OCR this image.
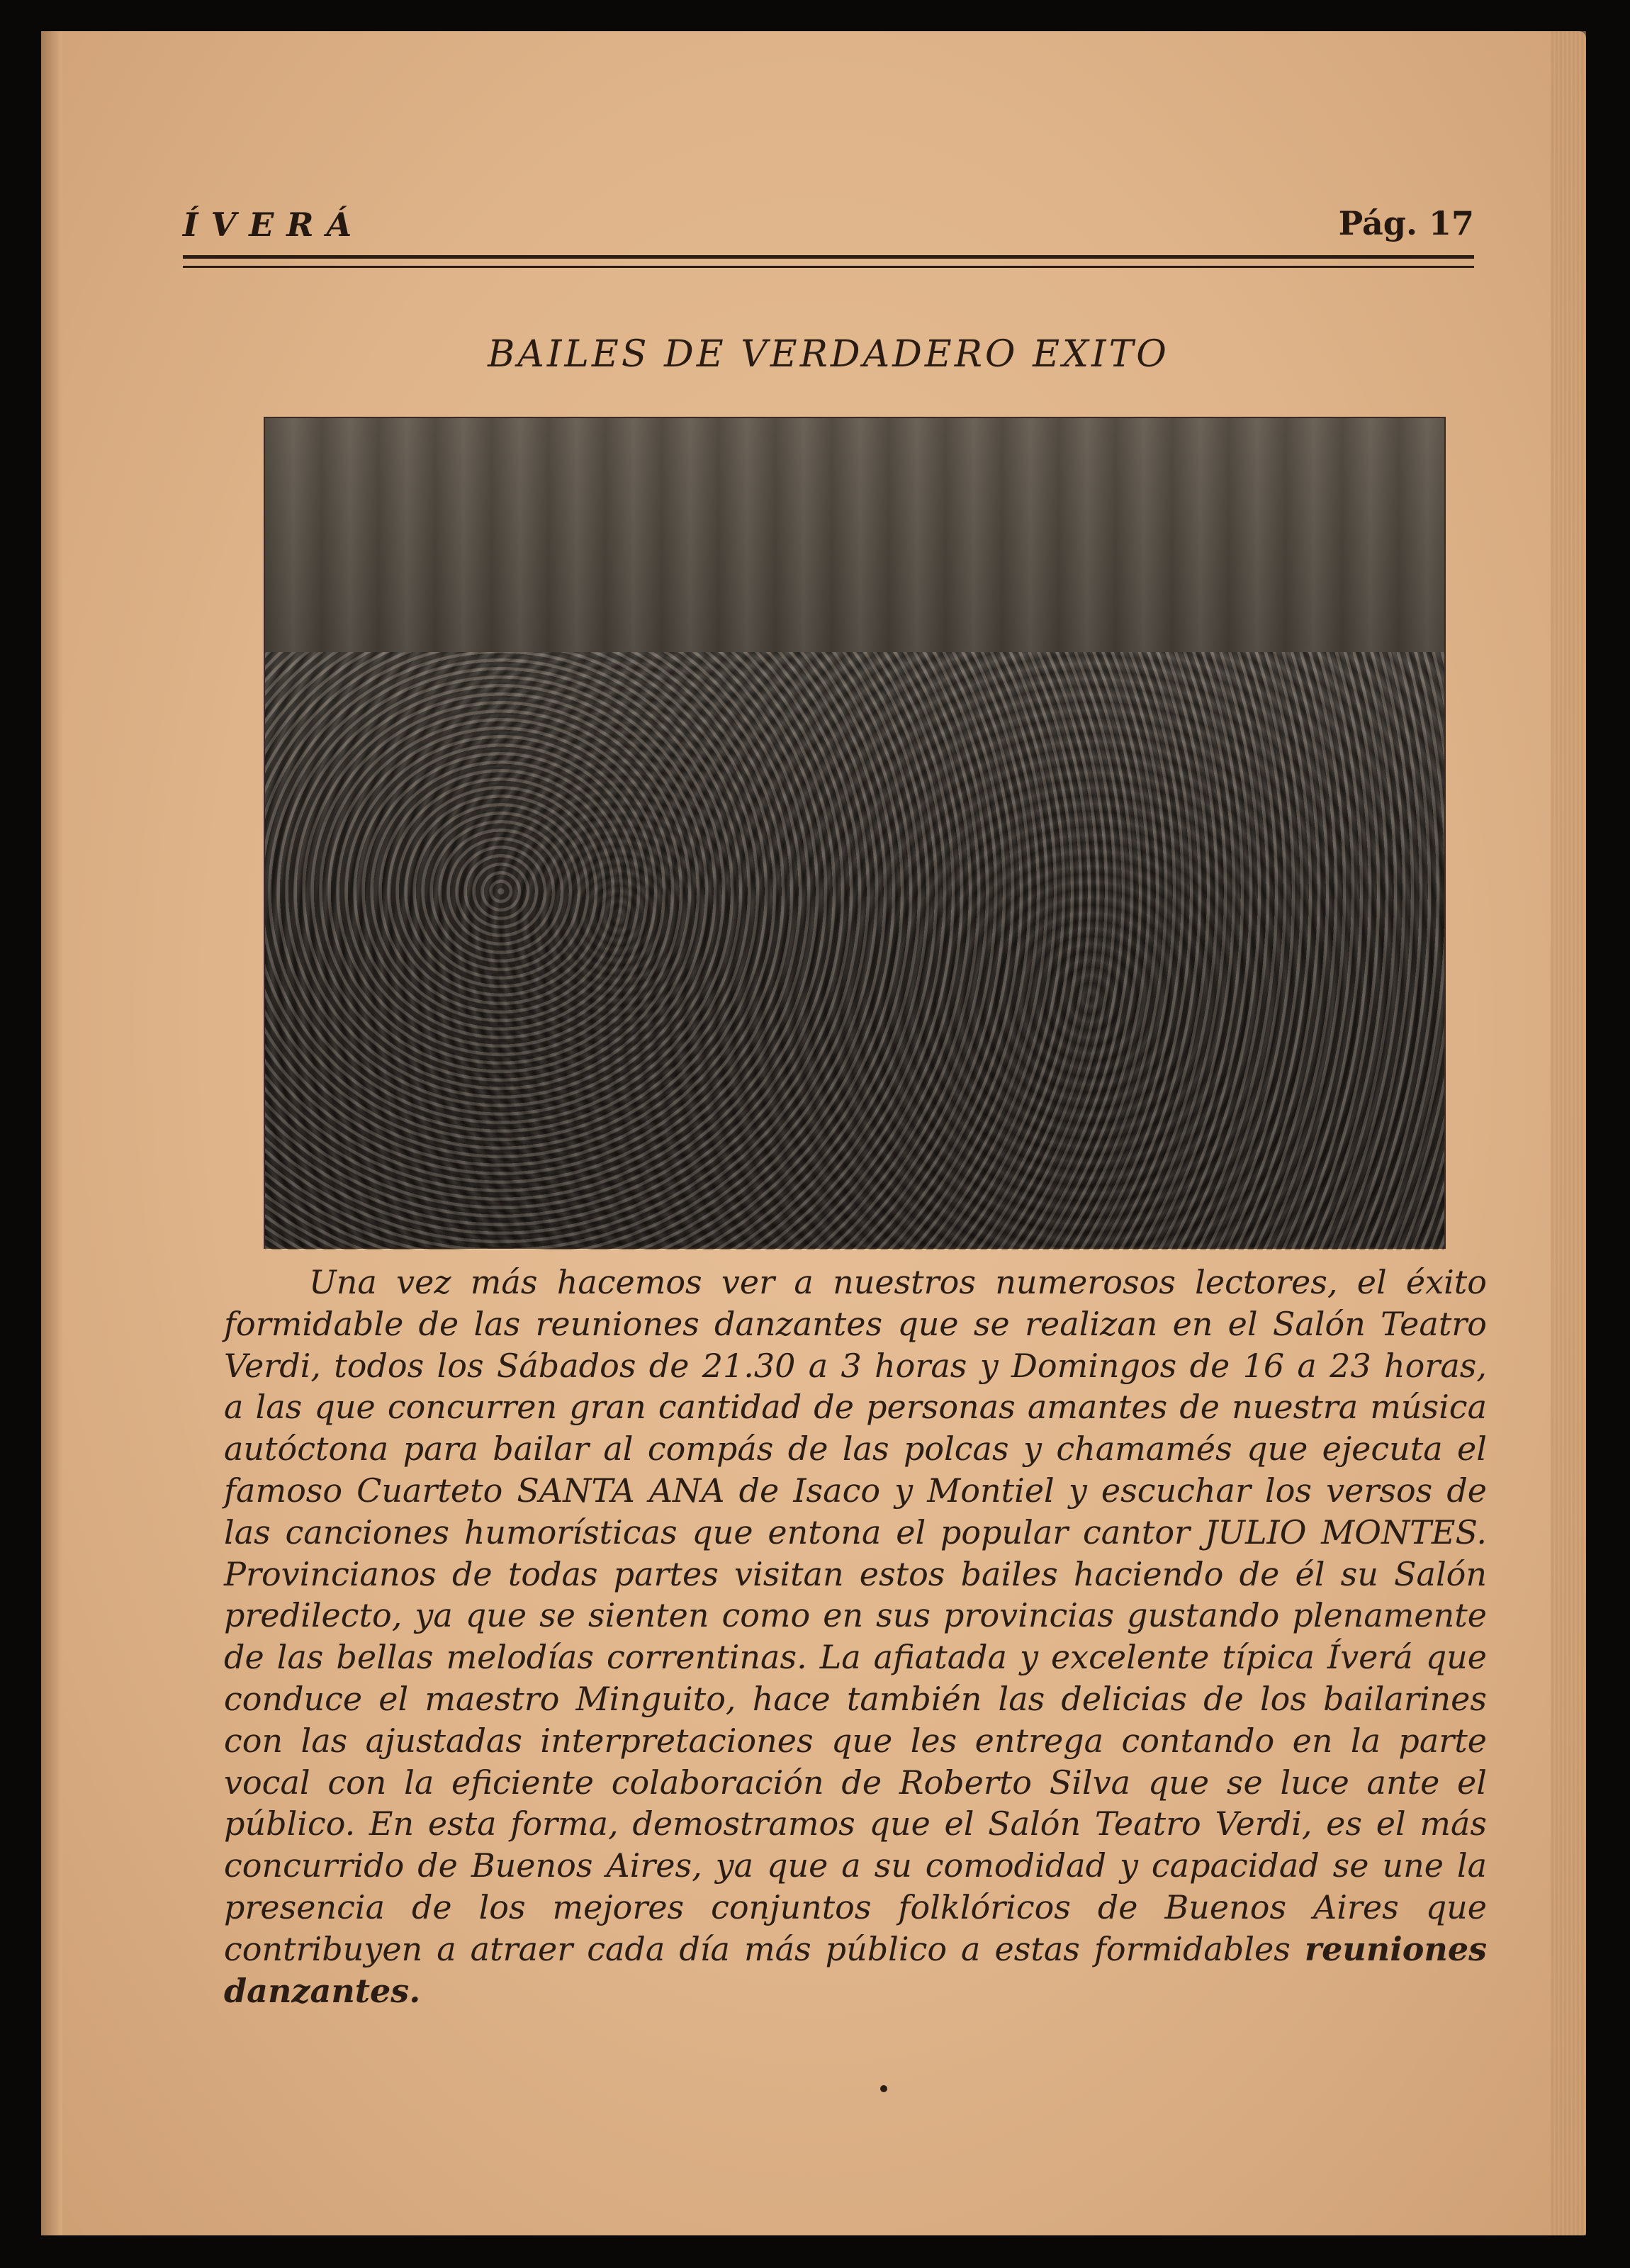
ÍVERÁ	Pág. 17
BAILES DE VERDADERO EXITO
Una vez más hacemos ver a nuestros numerosos lectores, el éxito formidable de las reuniones danzantes que se realizan en el Salón Teatro Verdi, todos los Sábados de 21.30 a 3 horas y Domingos de 16 a 23 horas, a las que concurren gran cantidad de personas amantes de nuestra música autóctona para bailar al compás de las polcas y chamamés que ejecuta el famoso Cuarteto SANTA ANA de Isaco y Montiel y escuchar los versos de las canciones humorísticas que entona el popular cantor JULIO MONTES. Provincianos de todas partes visitan estos bailes haciendo de él su Salón predilecto, ya que se sienten como en sus provincias gustando plenamente de las bellas melodías correntinas. La afiatada y excelente típica Íverá que conduce el maestro Minguito, hace también las delicias de los bailarines con las ajustadas interpretaciones que les entrega contando en la parte vocal con la eficiente colaboración de Roberto Silva que se luce ante el público. En esta forma, demostramos que el Salón Teatro Verdi, es el más concurrido de Buenos Aires, ya que a su comodidad y capacidad se une la presencia de los mejores conjuntos folklóricos de Buenos Aires que contribuyen a atraer cada día más público a estas formidables reuniones danzantes.
